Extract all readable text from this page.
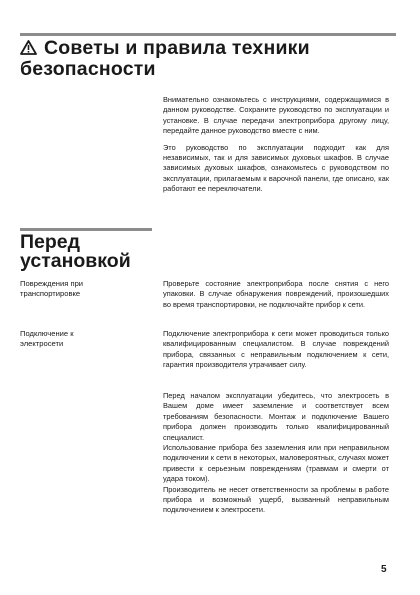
Советы и правила техники
безопасности

Внимательно ознакомьтесь с инструкциями, содержащимися в данном руководстве. Сохраните руководство по эксплуатации и установке. В случае передачи электроприбора другому лицу, передайте данное руководство вместе с ним.

Это руководство по эксплуатации подходит как для независимых, так и для зависимых духовых шкафов. В случае зависимых духовых шкафов, ознакомьтесь с руководством по эксплуатации, прилагаемым к варочной панели, где описано, как работают ее переключатели.

Перед
установкой
Повреждения при
транспортировке

Проверьте состояние электроприбора после снятия с него упаковки. В случае обнаружения повреждений, произошедших во время транспортировки, не подключайте прибор к сети.

Подключение к
электросети

Подключение электроприбора к сети может проводиться только квалифицированным специалистом. В случае повреждений прибора, связанных с неправильным подключением к сети, гарантия производителя утрачивает силу.

Перед началом эксплуатации убедитесь, что электросеть в Вашем доме имеет заземление и соответствует всем требованиям безопасности. Монтаж и подключение Вашего прибора должен производить только квалифицированный специалист.

Использование прибора без заземления или при неправильном подключении к сети в некоторых, маловероятных, случаях может привести к серьезным повреждениям (травмам и смерти от удара током).

Производитель не несет ответственности за проблемы в работе прибора и возможный ущерб, вызванный неправильным подключением к электросети.

5
